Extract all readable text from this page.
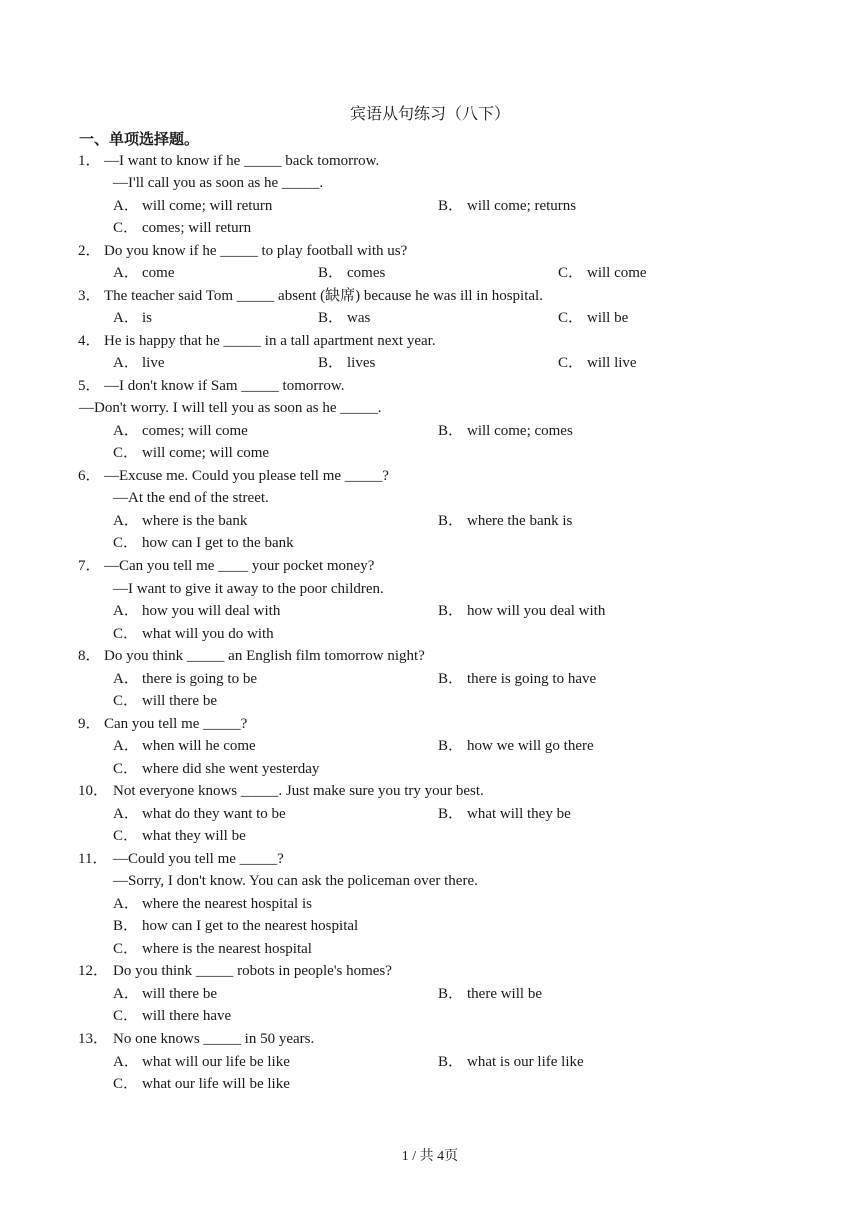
宾语从句练习（八下）
一、单项选择题。
1． —I want to know if he _____ back tomorrow.
—I'll call you as soon as he _____.
A． will come; will return	B． will come; returns
C． comes; will return
2． Do you know if he _____ to play football with us?
A． come	B． comes	C． will come
3． The teacher said Tom _____ absent (缺席) because he was ill in hospital.
A． is	B． was	C． will be
4． He is happy that he _____ in a tall apartment next year.
A． live	B． lives	C． will live
5． —I don't know if Sam _____ tomorrow.
—Don't worry. I will tell you as soon as he _____.
A． comes; will come	B． will come; comes
C． will come; will come
6． —Excuse me. Could you please tell me _____?
—At the end of the street.
A． where is the bank	B． where the bank is
C． how can I get to the bank
7． —Can you tell me ____ your pocket money?
—I want to give it away to the poor children.
A． how you will deal with	B． how will you deal with
C． what will you do with
8． Do you think _____ an English film tomorrow night?
A． there is going to be	B． there is going to have
C． will there be
9． Can you tell me _____?
A． when will he come	B． how we will go there
C． where did she went yesterday
10． Not everyone knows _____. Just make sure you try your best.
A． what do they want to be	B． what will they be
C． what they will be
11． —Could you tell me _____?
—Sorry, I don't know. You can ask the policeman over there.
A． where the nearest hospital is
B． how can I get to the nearest hospital
C． where is the nearest hospital
12． Do you think _____ robots in people's homes?
A． will there be	B． there will be
C． will there have
13． No one knows _____ in 50 years.
A． what will our life be like	B． what is our life like
C． what our life will be like
1 / 共 4页
